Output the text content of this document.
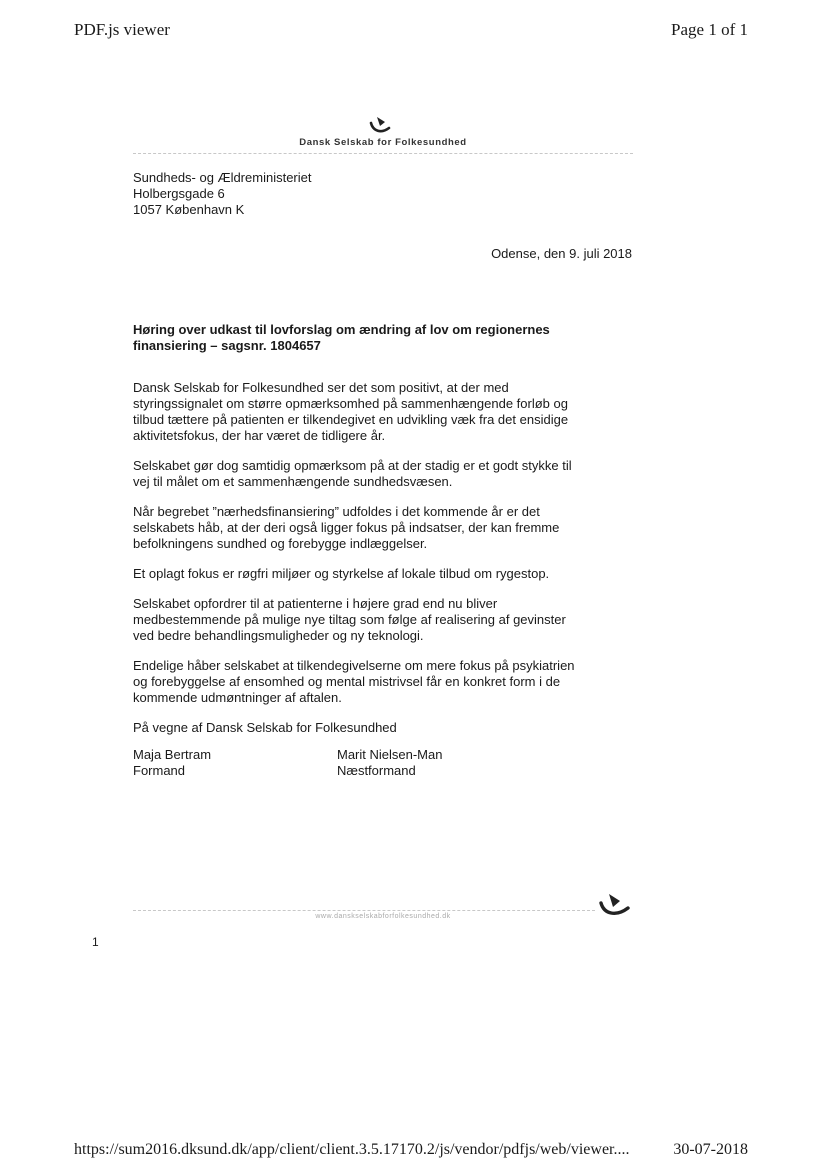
PDF.js viewer	Page 1 of 1
Dansk Selskab for Folkesundhed
Sundheds- og Ældreministeriet
Holbergsgade 6
1057 København K
Odense, den 9. juli 2018
Høring over udkast til lovforslag om ændring af lov om regionernes
finansiering – sagsnr. 1804657

Dansk Selskab for Folkesundhed ser det som positivt, at der med
styringssignalet om større opmærksomhed på sammenhængende forløb og
tilbud tættere på patienten er tilkendegivet en udvikling væk fra det ensidige
aktivitetsfokus, der har været de tidligere år.

Selskabet gør dog samtidig opmærksom på at der stadig er et godt stykke til
vej til målet om et sammenhængende sundhedsvæsen.

Når begrebet ”nærhedsfinansiering” udfoldes i det kommende år er det
selskabets håb, at der deri også ligger fokus på indsatser, der kan fremme
befolkningens sundhed og forebygge indlæggelser.

Et oplagt fokus er røgfri miljøer og styrkelse af lokale tilbud om rygestop.

Selskabet opfordrer til at patienterne i højere grad end nu bliver
medbestemmende på mulige nye tiltag som følge af realisering af gevinster
ved bedre behandlingsmuligheder og ny teknologi.

Endelige håber selskabet at tilkendegivelserne om mere fokus på psykiatrien
og forebyggelse af ensomhed og mental mistrivsel får en konkret form i de
kommende udmøntninger af aftalen.

På vegne af Dansk Selskab for Folkesundhed

Maja Bertram
Formand
Marit Nielsen-Man
Næstformand
www.danskselskabforfolkesundhed.dk
1
https://sum2016.dksund.dk/app/client/client.3.5.17170.2/js/vendor/pdfjs/web/viewer....	30-07-2018
